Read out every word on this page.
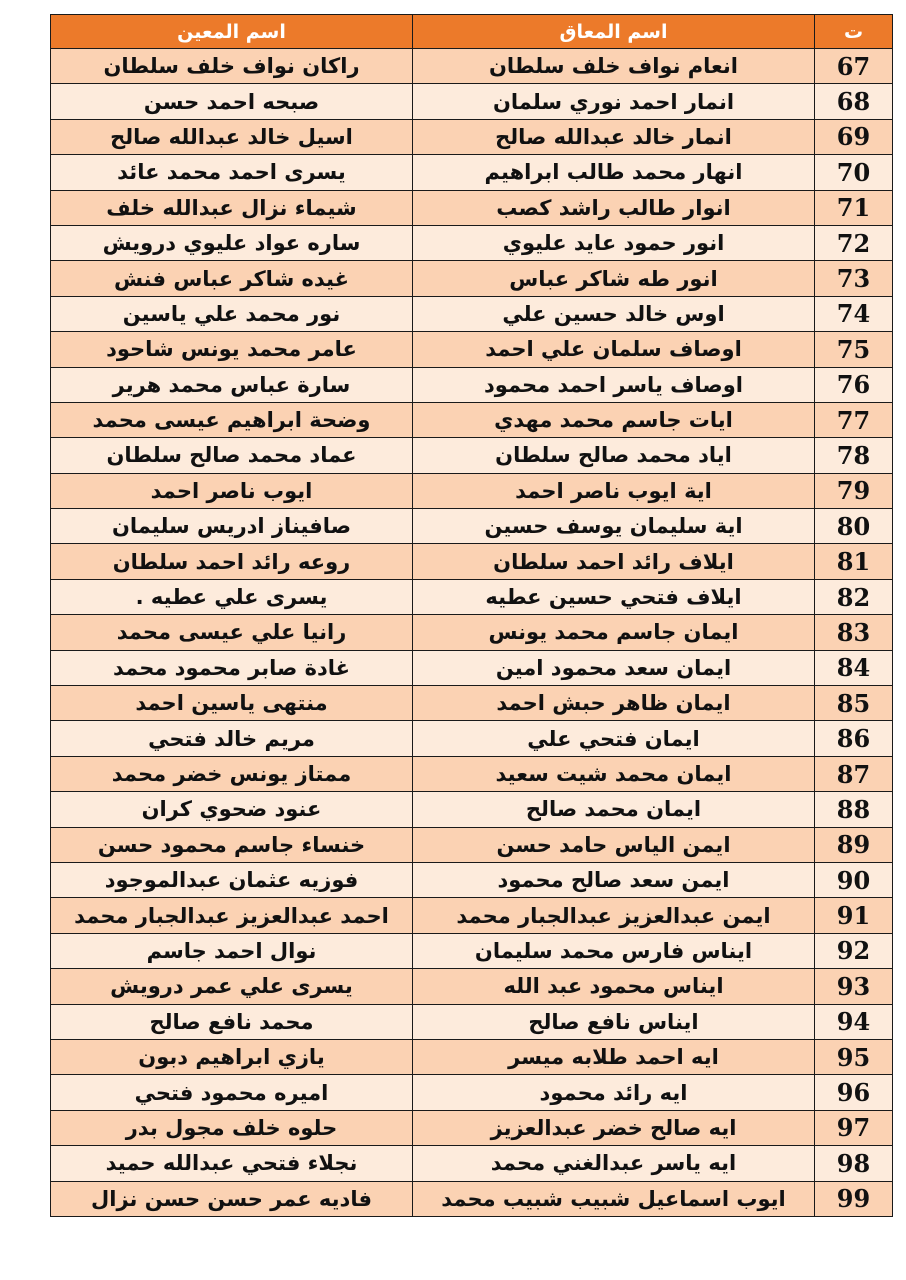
ت	اسم المعاق	اسم المعين
67	انعام نواف خلف سلطان	راكان نواف خلف سلطان
68	انمار احمد نوري سلمان	صبحه احمد حسن
69	انمار خالد عبدالله صالح	اسيل خالد عبدالله صالح
70	انهار محمد طالب ابراهيم	يسرى احمد محمد عائد
71	انوار طالب راشد كصب	شيماء نزال عبدالله خلف
72	انور حمود عايد عليوي	ساره عواد عليوي درويش
73	انور طه شاكر عباس	غيده شاكر عباس فنش
74	اوس خالد حسين علي	نور محمد علي ياسين
75	اوصاف سلمان علي احمد	عامر محمد يونس شاحود
76	اوصاف ياسر احمد محمود	سارة عباس محمد هرير
77	ايات جاسم محمد مهدي	وضحة ابراهيم عيسى محمد
78	اياد محمد صالح سلطان	عماد محمد صالح سلطان
79	اية ايوب ناصر احمد	ايوب ناصر احمد
80	اية سليمان يوسف حسين	صافيناز ادريس سليمان
81	ايلاف رائد احمد سلطان	روعه رائد احمد سلطان
82	ايلاف فتحي حسين عطيه	يسرى علي عطيه .
83	ايمان جاسم محمد يونس	رانيا علي عيسى محمد
84	ايمان سعد محمود امين	غادة صابر محمود محمد
85	ايمان ظاهر حبش احمد	منتهى ياسين احمد
86	ايمان فتحي علي	مريم خالد فتحي
87	ايمان محمد شيت سعيد	ممتاز يونس خضر محمد
88	ايمان محمد صالح	عنود ضحوي كران
89	ايمن الياس حامد حسن	خنساء جاسم محمود حسن
90	ايمن سعد صالح محمود	فوزيه عثمان عبدالموجود
91	ايمن عبدالعزيز عبدالجبار محمد	احمد عبدالعزيز عبدالجبار محمد
92	ايناس فارس محمد سليمان	نوال احمد جاسم
93	ايناس محمود عبد الله	يسرى علي عمر درويش
94	ايناس نافع صالح	محمد نافع صالح
95	ايه احمد طلابه ميسر	يازي ابراهيم دبون
96	ايه رائد محمود	اميره محمود فتحي
97	ايه صالح خضر عبدالعزيز	حلوه خلف مجول بدر
98	ايه ياسر عبدالغني محمد	نجلاء فتحي عبدالله حميد
99	ايوب اسماعيل شبيب شبيب محمد	فاديه عمر حسن حسن نزال
